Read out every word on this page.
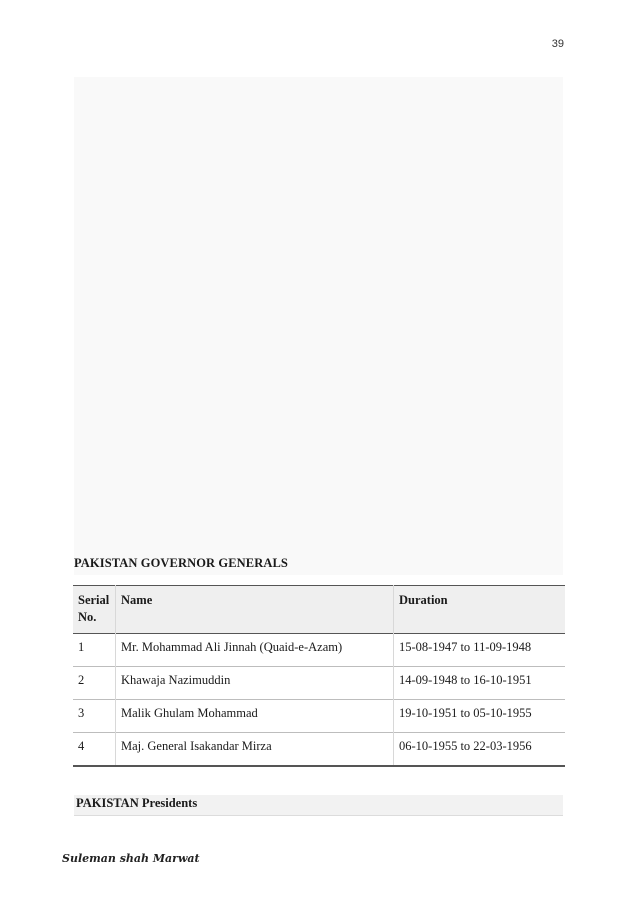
39
PAKISTAN GOVERNOR GENERALS
Serial
No.	Name	Duration
1	Mr. Mohammad Ali Jinnah (Quaid-e-Azam)	15-08-1947 to 11-09-1948
2	Khawaja Nazimuddin	14-09-1948 to 16-10-1951
3	Malik Ghulam Mohammad	19-10-1951 to 05-10-1955
4	Maj. General Isakandar Mirza	06-10-1955 to 22-03-1956
PAKISTAN Presidents
Suleman shah Marwat
